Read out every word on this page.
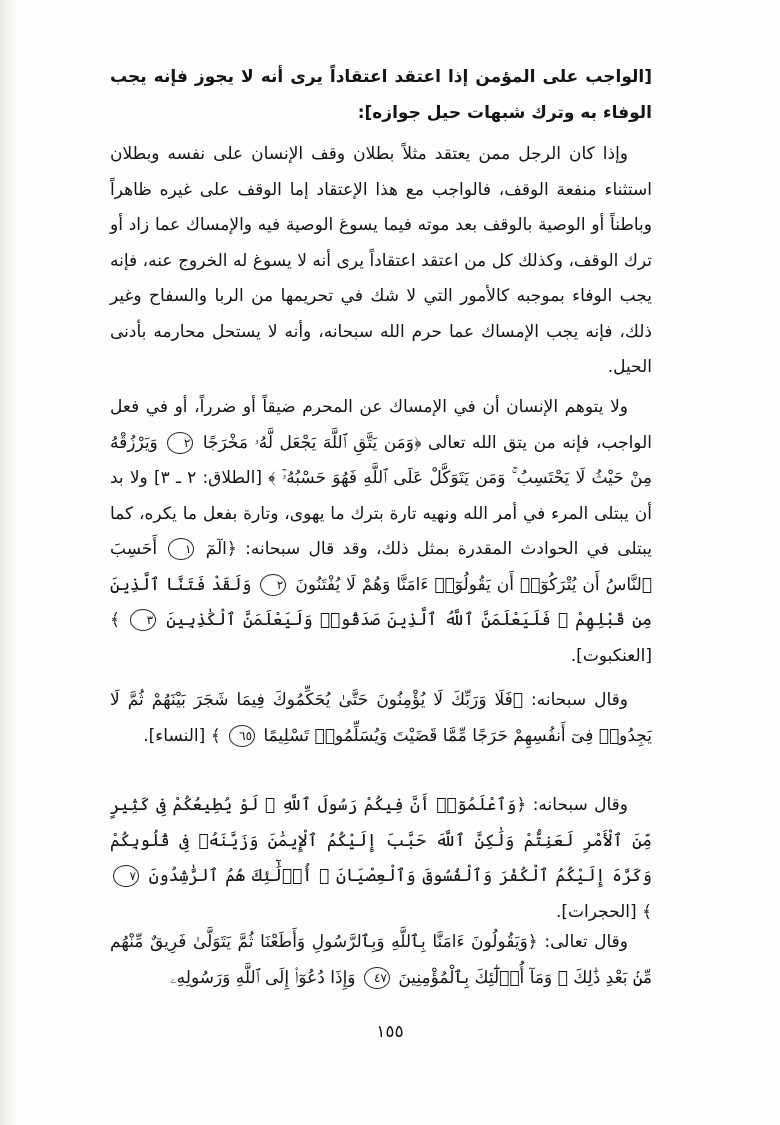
[الواجب على المؤمن إذا اعتقد اعتقاداً يرى أنه لا يجوز فإنه يجب الوفاء به وترك شبهات حيل جوازه]:
وإذا كان الرجل ممن يعتقد مثلاً بطلان وقف الإنسان على نفسه وبطلان استثناء منفعة الوقف، فالواجب مع هذا الإعتقاد إما الوقف على غيره ظاهراً وباطناً أو الوصية بالوقف بعد موته فيما يسوغ الوصية فيه والإمساك عما زاد أو ترك الوقف، وكذلك كل من اعتقد اعتقاداً يرى أنه لا يسوغ له الخروج عنه، فإنه يجب الوفاء بموجبه كالأمور التي لا شك في تحريمها من الربا والسفاح وغير ذلك، فإنه يجب الإمساك عما حرم الله سبحانه، وأنه لا يستحل محارمه بأدنى الحيل.
ولا يتوهم الإنسان أن في الإمساك عن المحرم ضيقاً أو ضرراً، أو في فعل الواجب، فإنه من يتق الله تعالى ﴿وَمَن يَتَّقِ ٱللَّهَ يَجْعَل لَّهُۥ مَخْرَجًا ٢ وَيَرْزُقْهُ مِنْ حَيْثُ لَا يَحْتَسِبُ ۚ وَمَن يَتَوَكَّلْ عَلَى ٱللَّهِ فَهُوَ حَسْبُهُۥٓ ﴾ [الطلاق: ٢ ـ ٣] ولا بد أن يبتلى المرء في أمر الله ونهيه تارة بترك ما يهوى، وتارة بفعل ما يكره، كما يبتلى في الحوادث المقدرة بمثل ذلك، وقد قال سبحانه: ﴿الٓمٓ ١ أَحَسِبَ ٱلنَّاسُ أَن يُتْرَكُوٓا۟ أَن يَقُولُوٓا۟ ءَامَنَّا وَهُمْ لَا يُفْتَنُونَ ٢ وَلَقَدْ فَتَنَّا ٱلَّذِينَ مِن قَبْلِهِمْ ۖ فَلَيَعْلَمَنَّ ٱللَّهُ ٱلَّذِينَ صَدَقُوا۟ وَلَيَعْلَمَنَّ ٱلْكَٰذِبِينَ ٣ ﴾ [العنكبوت].
وقال سبحانه: ﴿فَلَا وَرَبِّكَ لَا يُؤْمِنُونَ حَتَّىٰ يُحَكِّمُوكَ فِيمَا شَجَرَ بَيْنَهُمْ ثُمَّ لَا يَجِدُوا۟ فِىٓ أَنفُسِهِمْ حَرَجًا مِّمَّا قَضَيْتَ وَيُسَلِّمُوا۟ تَسْلِيمًا ٦٥ ﴾ [النساء].
وقال سبحانه: ﴿وَٱعْلَمُوٓا۟ أَنَّ فِيكُمْ رَسُولَ ٱللَّهِ ۚ لَوْ يُطِيعُكُمْ فِى كَثِيرٍ مِّنَ ٱلْأَمْرِ لَعَنِتُّمْ وَلَٰكِنَّ ٱللَّهَ حَبَّبَ إِلَيْكُمُ ٱلْإِيمَٰنَ وَزَيَّنَهُۥ فِى قُلُوبِكُمْ وَكَرَّهَ إِلَيْكُمُ ٱلْكُفْرَ وَٱلْفُسُوقَ وَٱلْعِصْيَانَ ۚ أُو۟لَٰٓئِكَ هُمُ ٱلرَّٰشِدُونَ ٧ ﴾ [الحجرات].
وقال تعالى: ﴿وَيَقُولُونَ ءَامَنَّا بِٱللَّهِ وَبِٱلرَّسُولِ وَأَطَعْنَا ثُمَّ يَتَوَلَّىٰ فَرِيقٌ مِّنْهُم مِّنۢ بَعْدِ ذَٰلِكَ ۚ وَمَآ أُو۟لَٰٓئِكَ بِٱلْمُؤْمِنِينَ ٤٧ وَإِذَا دُعُوٓا۟ إِلَى ٱللَّهِ وَرَسُولِهِۦ
١٥٥
